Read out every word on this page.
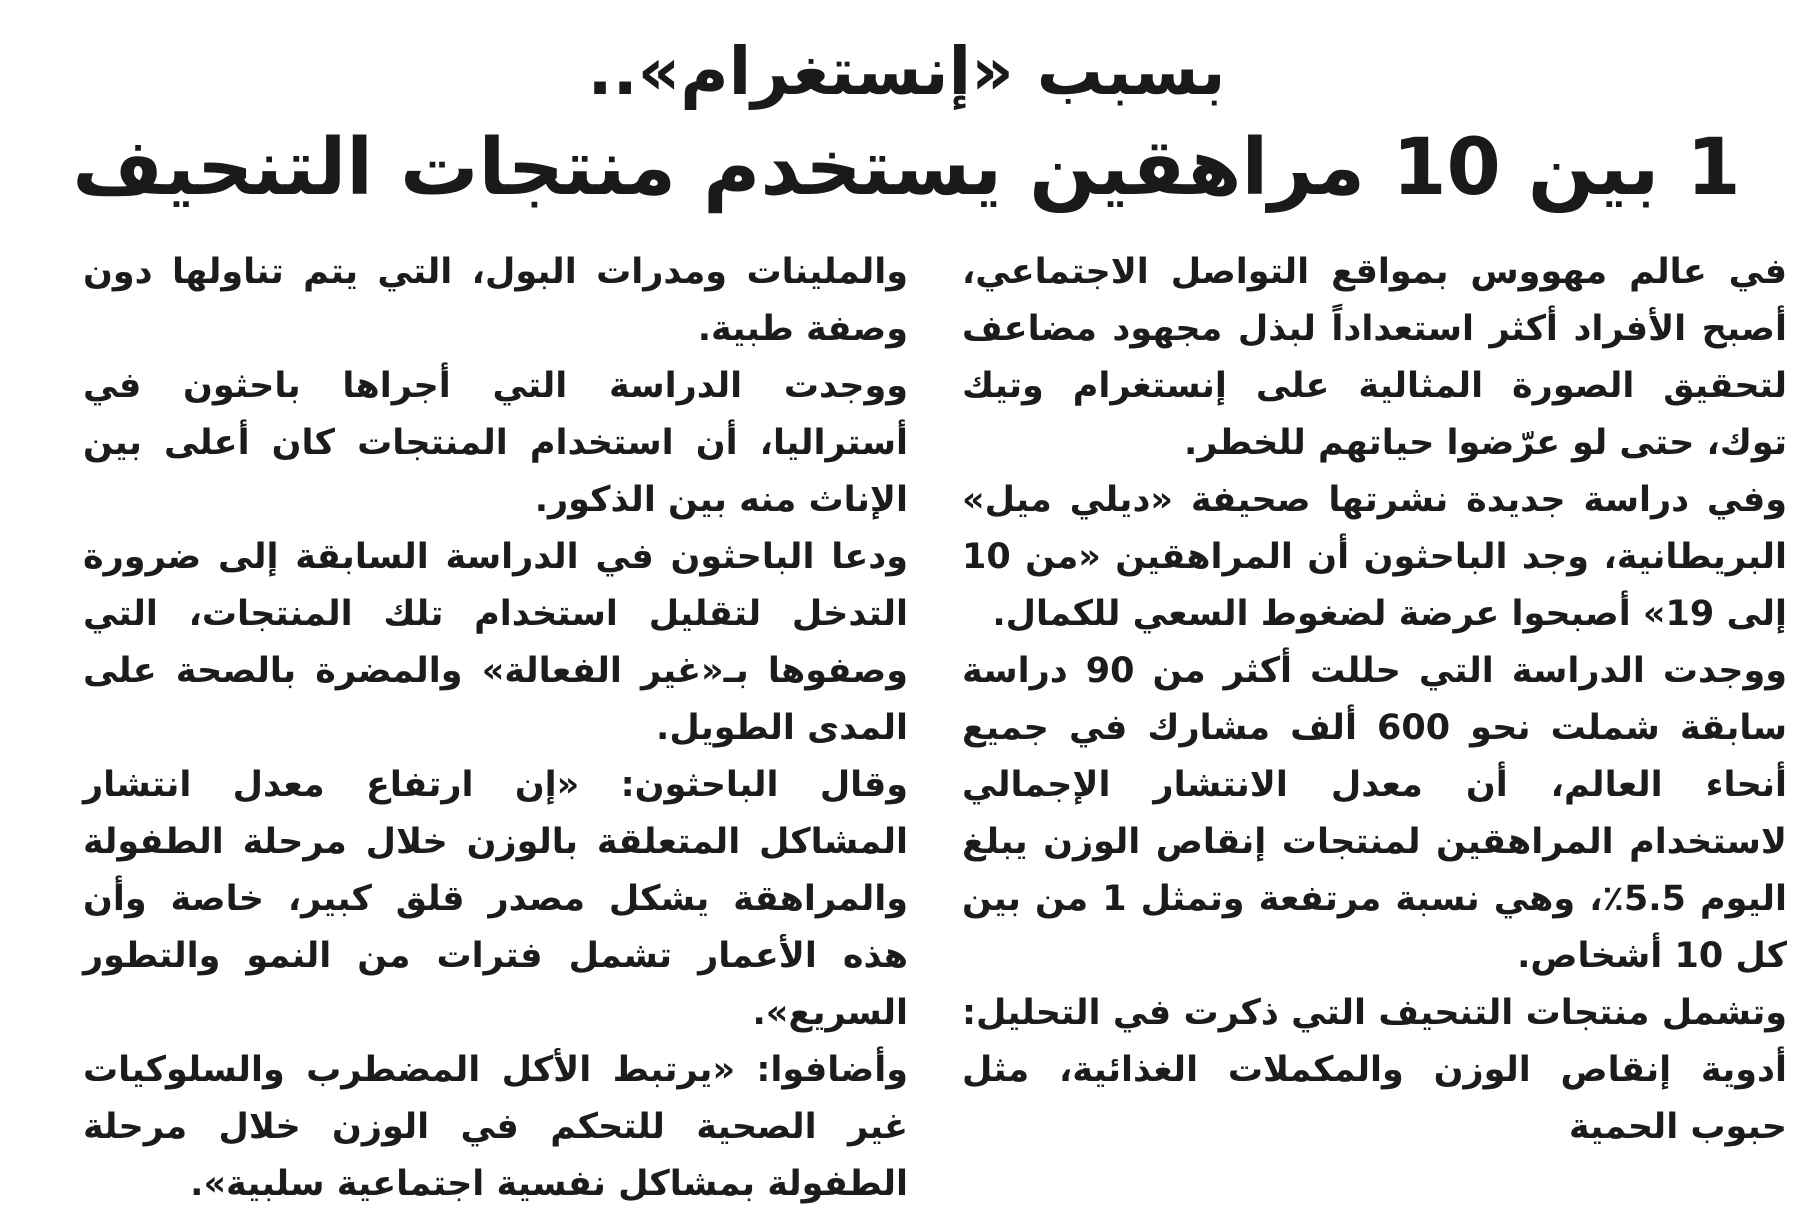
بسبب «إنستغرام»..
1 بين 10 مراهقين يستخدم منتجات التنحيف

في عالم مهووس بمواقع التواصل الاجتماعي، أصبح الأفراد أكثر استعداداً لبذل مجهود مضاعف لتحقيق الصورة المثالية على إنستغرام وتيك توك، حتى لو عرّضوا حياتهم للخطر.

وفي دراسة جديدة نشرتها صحيفة «ديلي ميل» البريطانية، وجد الباحثون أن المراهقين «من 10 إلى 19» أصبحوا عرضة لضغوط السعي للكمال.

ووجدت الدراسة التي حللت أكثر من 90 دراسة سابقة شملت نحو 600 ألف مشارك في جميع أنحاء العالم، أن معدل الانتشار الإجمالي لاستخدام المراهقين لمنتجات إنقاص الوزن يبلغ اليوم 5.5٪، وهي نسبة مرتفعة وتمثل 1 من بين كل 10 أشخاص.

وتشمل منتجات التنحيف التي ذكرت في التحليل: أدوية إنقاص الوزن والمكملات الغذائية، مثل حبوب الحمية

والملينات ومدرات البول، التي يتم تناولها دون وصفة طبية.

ووجدت الدراسة التي أجراها باحثون في أستراليا، أن استخدام المنتجات كان أعلى بين الإناث منه بين الذكور.

ودعا الباحثون في الدراسة السابقة إلى ضرورة التدخل لتقليل استخدام تلك المنتجات، التي وصفوها بـ«غير الفعالة» والمضرة بالصحة على المدى الطويل.

وقال الباحثون: «إن ارتفاع معدل انتشار المشاكل المتعلقة بالوزن خلال مرحلة الطفولة والمراهقة يشكل مصدر قلق كبير، خاصة وأن هذه الأعمار تشمل فترات من النمو والتطور السريع».

وأضافوا: «يرتبط الأكل المضطرب والسلوكيات غير الصحية للتحكم في الوزن خلال مرحلة الطفولة بمشاكل نفسية اجتماعية سلبية».
